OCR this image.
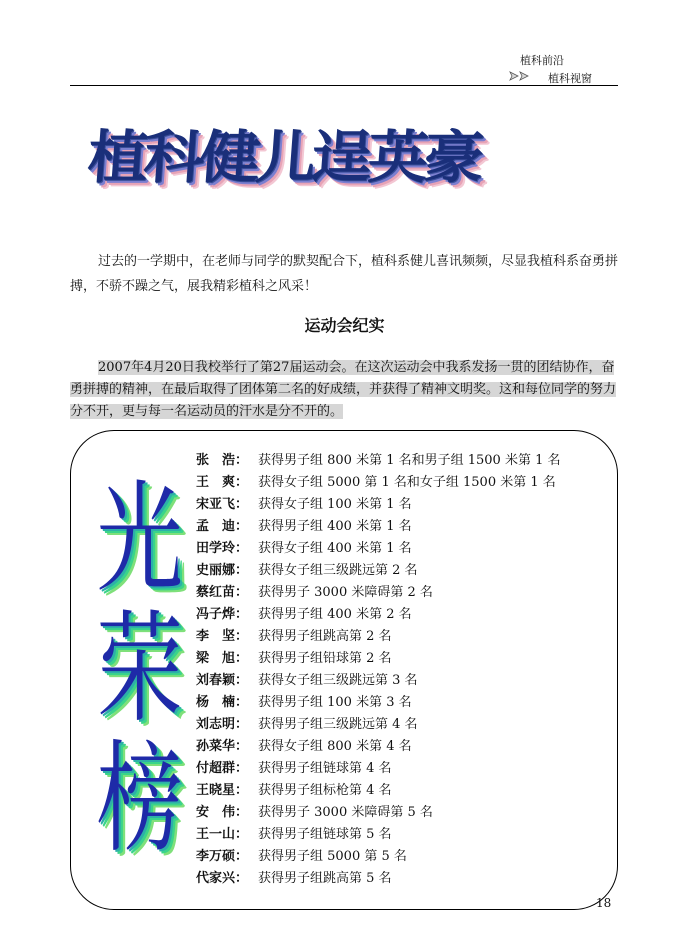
植科前沿
植科视窗
植科健儿逞英豪

过去的一学期中，在老师与同学的默契配合下，植科系健儿喜讯频频，尽显我植科系奋勇拼搏，不骄不躁之气，展我精彩植科之风采！

运动会纪实

2007年4月20日我校举行了第27届运动会。在这次运动会中我系发扬一贯的团结协作，奋勇拼搏的精神，在最后取得了团体第二名的好成绩，并获得了精神文明奖。这和每位同学的努力分不开，更与每一名运动员的汗水是分不开的。

光
荣
榜
张　浩： 获得男子组 800 米第 1 名和男子组 1500 米第 1 名
王　爽： 获得女子组 5000 第 1 名和女子组 1500 米第 1 名
宋亚飞： 获得女子组 100 米第 1 名
孟　迪： 获得男子组 400 米第 1 名
田学玲： 获得女子组 400 米第 1 名
史丽娜： 获得女子组三级跳远第 2 名
蔡红苗： 获得男子 3000 米障碍第 2 名
冯子烨： 获得男子组 400 米第 2 名
李　坚： 获得男子组跳高第 2 名
梁　旭： 获得男子组铅球第 2 名
刘春颖： 获得女子组三级跳远第 3 名
杨　楠： 获得男子组 100 米第 3 名
刘志明： 获得男子组三级跳远第 4 名
孙菜华： 获得女子组 800 米第 4 名
付超群： 获得男子组链球第 4 名
王晓星： 获得男子组标枪第 4 名
安　伟： 获得男子 3000 米障碍第 5 名
王一山： 获得男子组链球第 5 名
李万硕： 获得男子组 5000 第 5 名
代家兴： 获得男子组跳高第 5 名
18
